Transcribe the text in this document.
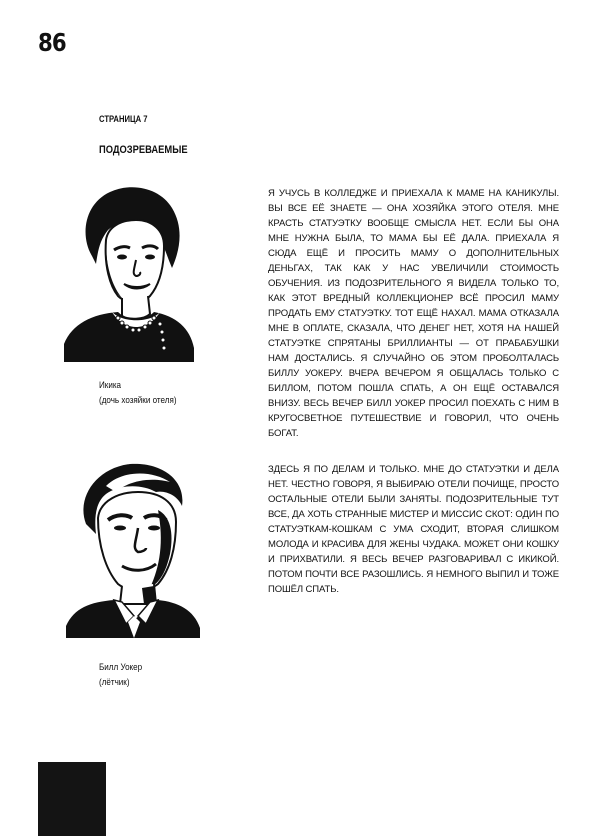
86
СТРАНИЦА 7
ПОДОЗРЕВАЕМЫЕ
Икика
(дочь хозяйки отеля)

Я УЧУСЬ В КОЛЛЕДЖЕ И ПРИЕХАЛА К МАМЕ НА КАНИКУЛЫ. ВЫ ВСЕ ЕЁ ЗНАЕТЕ — ОНА ХОЗЯЙКА ЭТОГО ОТЕЛЯ. МНЕ КРАСТЬ СТАТУЭТКУ ВООБЩЕ СМЫСЛА НЕТ. ЕСЛИ БЫ ОНА МНЕ НУЖНА БЫЛА, ТО МАМА БЫ ЕЁ ДАЛА. ПРИЕХАЛА Я СЮДА ЕЩЁ И ПРОСИТЬ МАМУ О ДОПОЛНИТЕЛЬНЫХ ДЕНЬГАХ, ТАК КАК У НАС УВЕЛИЧИЛИ СТОИМОСТЬ ОБУЧЕНИЯ. ИЗ ПОДОЗРИТЕЛЬНОГО Я ВИДЕЛА ТОЛЬКО ТО, КАК ЭТОТ ВРЕДНЫЙ КОЛЛЕКЦИОНЕР ВСЁ ПРОСИЛ МАМУ ПРОДАТЬ ЕМУ СТАТУЭТКУ. ТОТ ЕЩЁ НАХАЛ. МАМА ОТКАЗАЛА МНЕ В ОПЛАТЕ, СКАЗАЛА, ЧТО ДЕНЕГ НЕТ, ХОТЯ НА НАШЕЙ СТАТУЭТКЕ СПРЯТАНЫ БРИЛЛИАНТЫ — ОТ ПРАБАБУШКИ НАМ ДОСТАЛИСЬ. Я СЛУЧАЙНО ОБ ЭТОМ ПРОБОЛТАЛАСЬ БИЛЛУ УОКЕРУ. ВЧЕРА ВЕЧЕРОМ Я ОБЩАЛАСЬ ТОЛЬКО С БИЛЛОМ, ПОТОМ ПОШЛА СПАТЬ, А ОН ЕЩЁ ОСТАВАЛСЯ ВНИЗУ. ВЕСЬ ВЕЧЕР БИЛЛ УОКЕР ПРОСИЛ ПОЕХАТЬ С НИМ В КРУГОСВЕТНОЕ ПУТЕШЕСТВИЕ И ГОВОРИЛ, ЧТО ОЧЕНЬ БОГАТ.

Билл Уокер
(лётчик)

ЗДЕСЬ Я ПО ДЕЛАМ И ТОЛЬКО. МНЕ ДО СТАТУЭТКИ И ДЕЛА НЕТ. ЧЕСТНО ГОВОРЯ, Я ВЫБИРАЮ ОТЕЛИ ПОЧИЩЕ, ПРОСТО ОСТАЛЬНЫЕ ОТЕЛИ БЫЛИ ЗАНЯТЫ. ПОДОЗРИТЕЛЬНЫЕ ТУТ ВСЕ, ДА ХОТЬ СТРАННЫЕ МИСТЕР И МИССИС СКОТ: ОДИН ПО СТАТУЭТКАМ-КОШКАМ С УМА СХОДИТ, ВТОРАЯ СЛИШКОМ МОЛОДА И КРАСИВА ДЛЯ ЖЕНЫ ЧУДАКА. МОЖЕТ ОНИ КОШКУ И ПРИХВАТИЛИ. Я ВЕСЬ ВЕЧЕР РАЗГОВАРИВАЛ С ИКИКОЙ. ПОТОМ ПОЧТИ ВСЕ РАЗОШЛИСЬ. Я НЕМНОГО ВЫПИЛ И ТОЖЕ ПОШЁЛ СПАТЬ.
